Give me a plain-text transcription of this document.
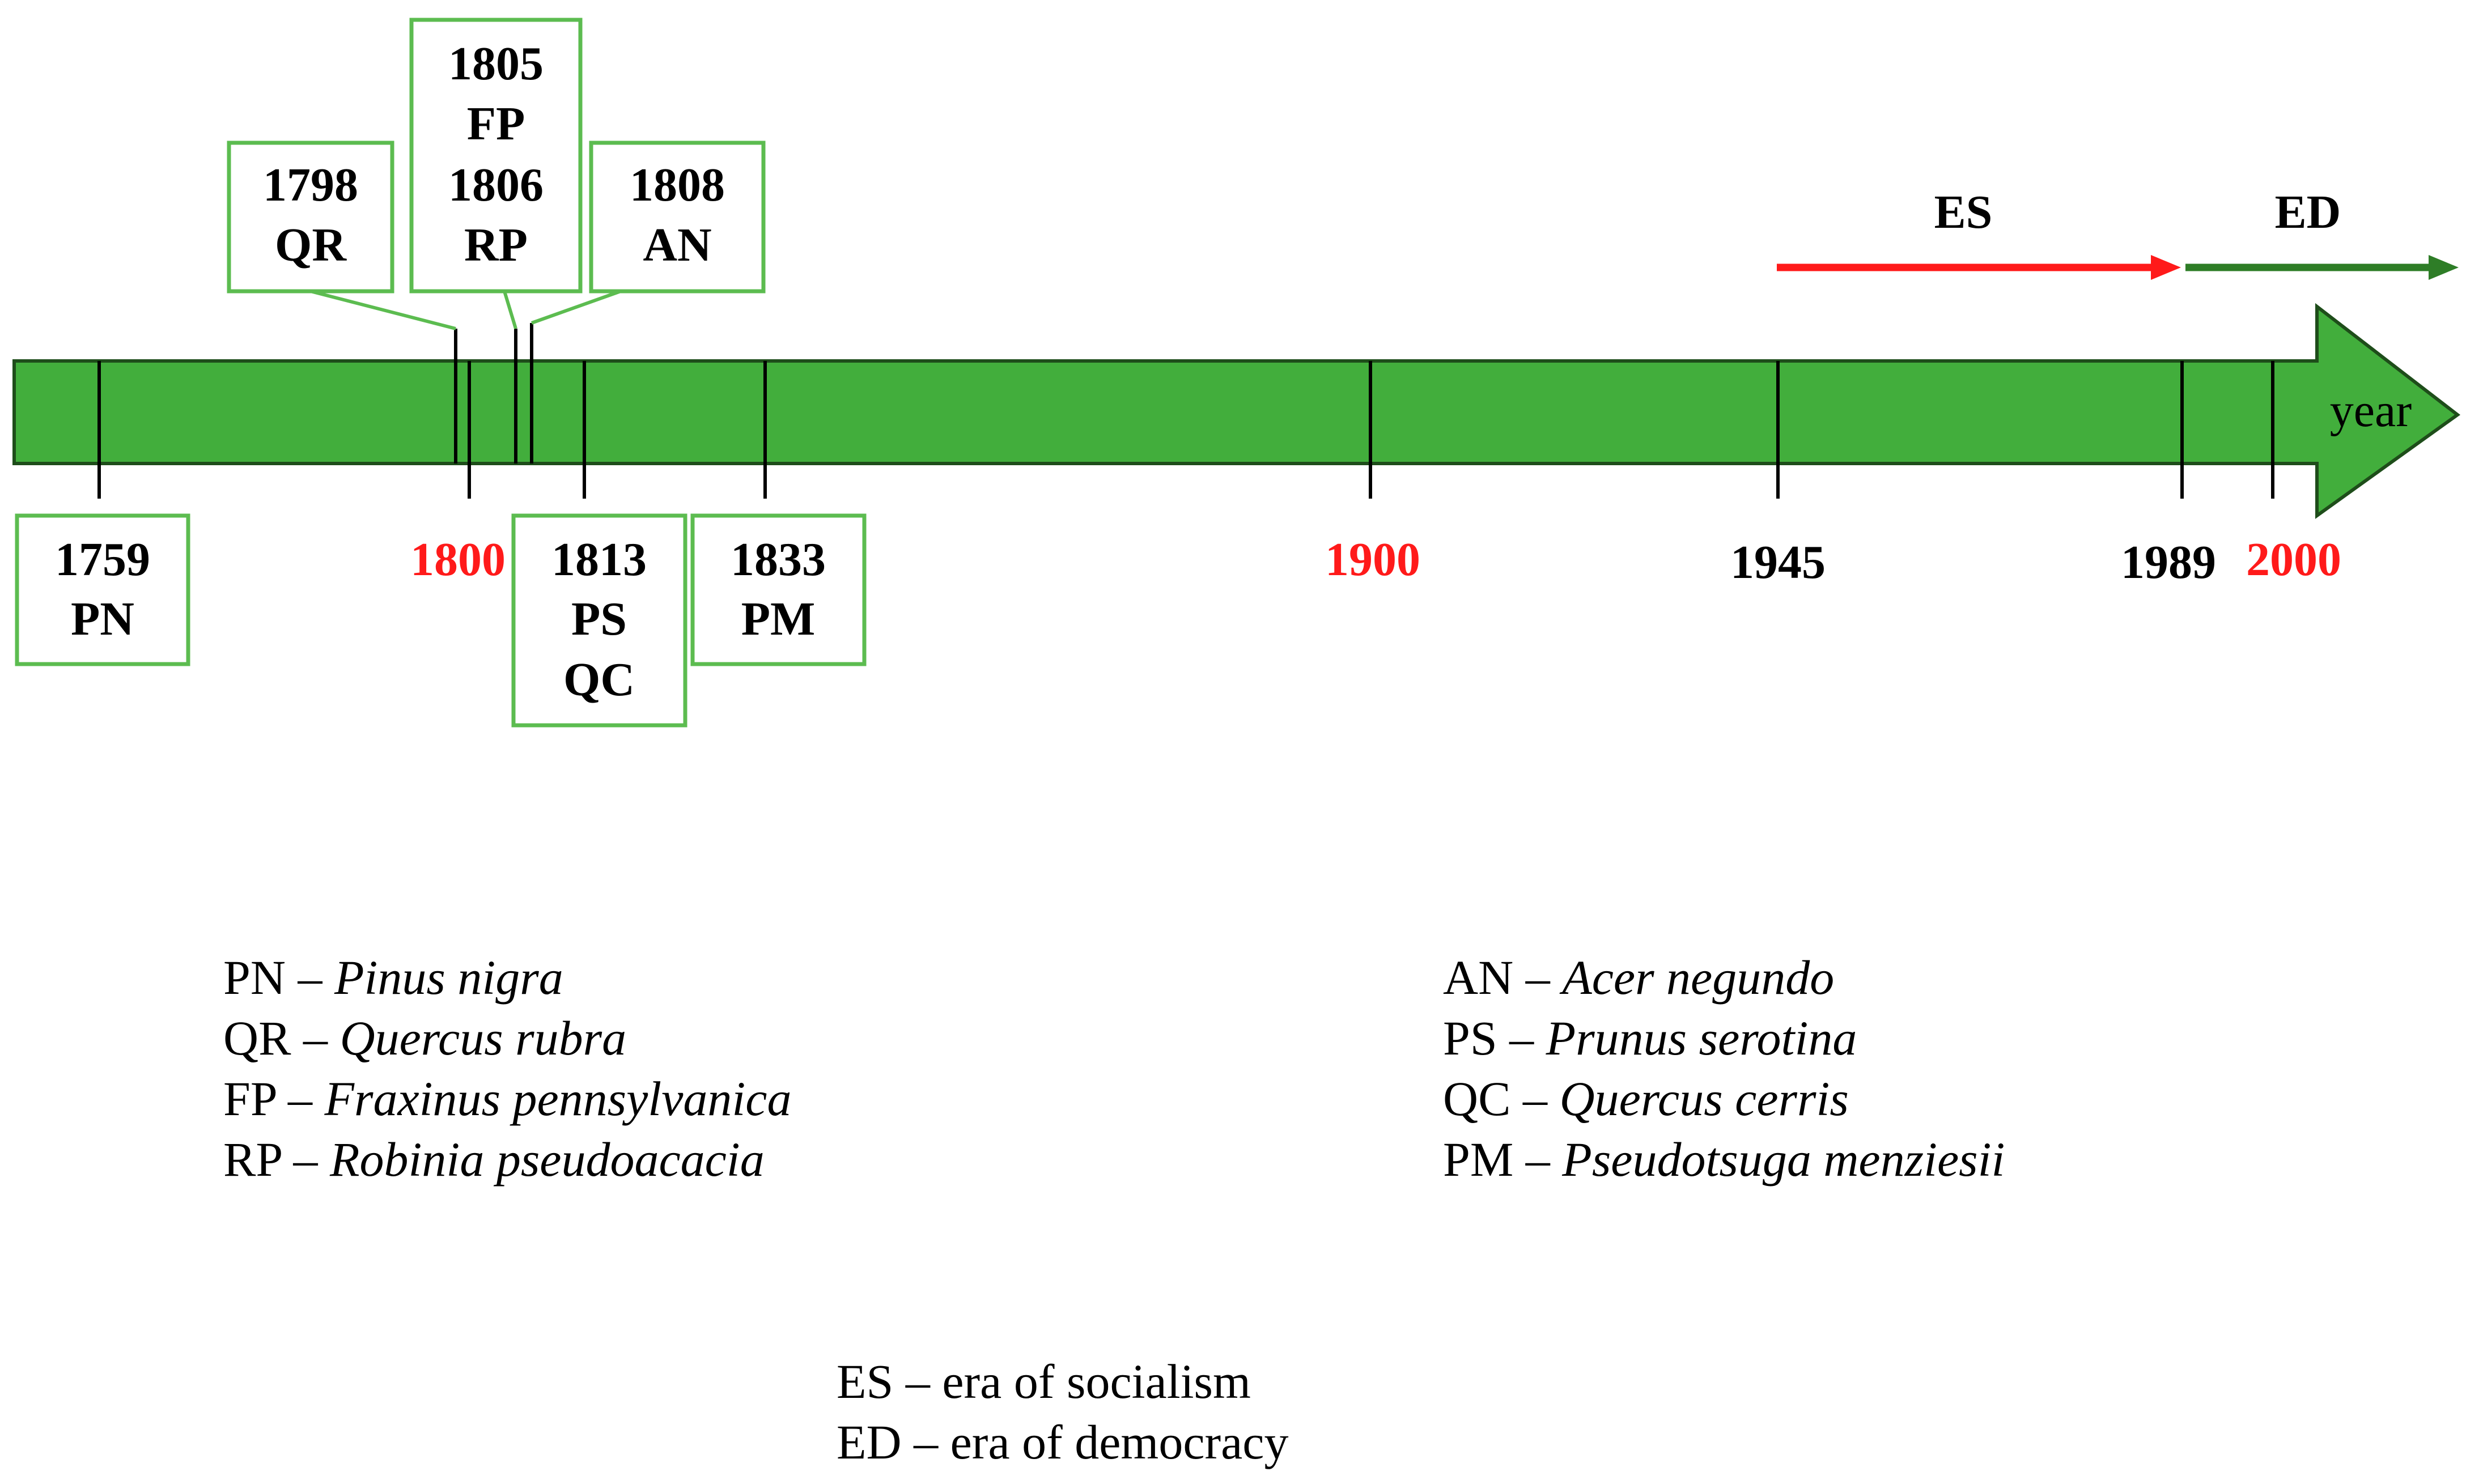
year
1798
QR
1805
FP
1806
RP
1808
AN
1759
PN
1813
PS
QC
1833
PM
1800	1900	1945	1989 2000
ES	ED
PN – Pinus nigra
QR – Quercus rubra
FP – Fraxinus pennsylvanica
RP – Robinia pseudoacacia
AN – Acer negundo
PS – Prunus serotina
QC – Quercus cerris
PM – Pseudotsuga menziesii
ES – era of socialism
ED – era of democracy
